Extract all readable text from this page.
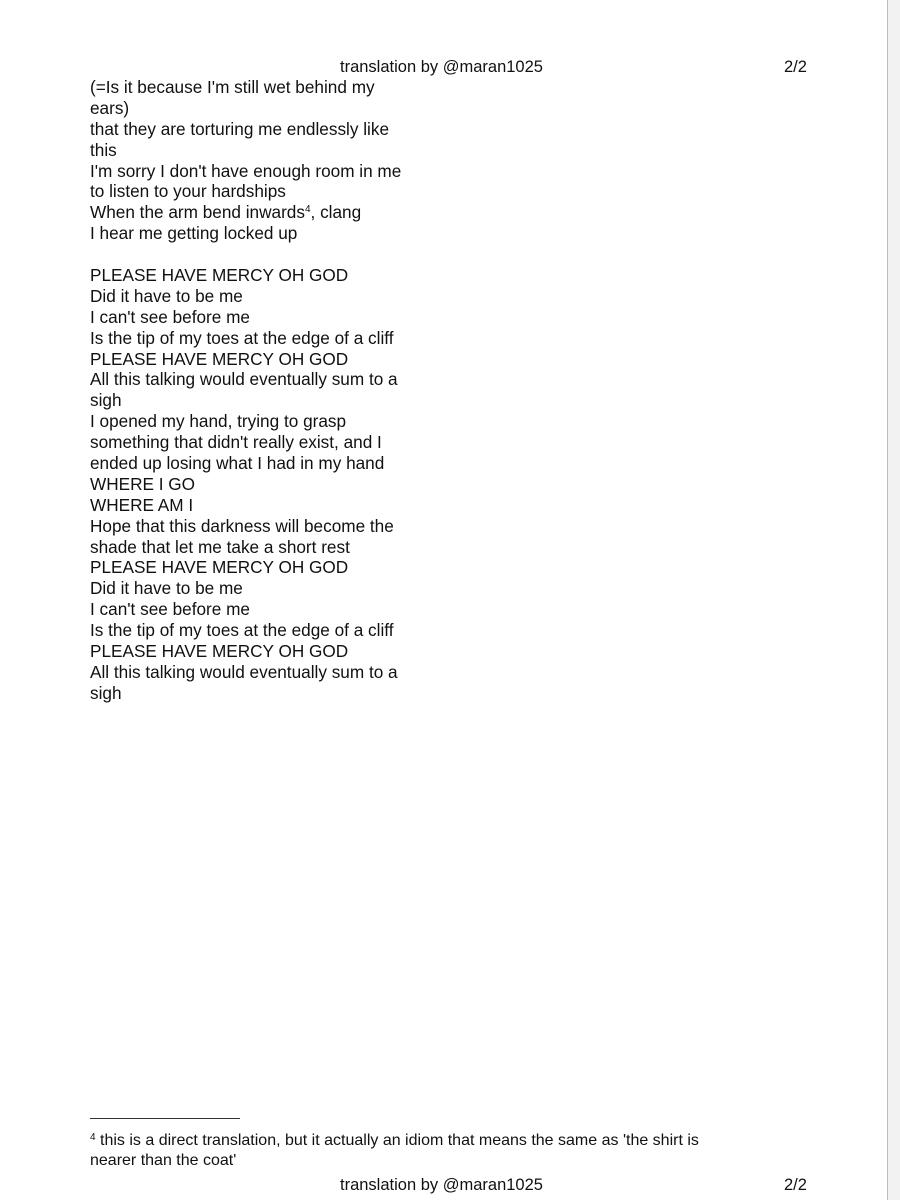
translation by @maran1025	2/2
(=Is it because I'm still wet behind my
ears)
that they are torturing me endlessly like
this
I'm sorry I don't have enough room in me
to listen to your hardships
When the arm bend inwards$^4$, clang
I hear me getting locked up
PLEASE HAVE MERCY OH GOD
Did it have to be me
I can't see before me
Is the tip of my toes at the edge of a cliff
PLEASE HAVE MERCY OH GOD
All this talking would eventually sum to a
sigh
I opened my hand, trying to grasp
something that didn't really exist, and I
ended up losing what I had in my hand
WHERE I GO
WHERE AM I
Hope that this darkness will become the
shade that let me take a short rest
PLEASE HAVE MERCY OH GOD
Did it have to be me
I can't see before me
Is the tip of my toes at the edge of a cliff
PLEASE HAVE MERCY OH GOD
All this talking would eventually sum to a
sigh
$^4$ this is a direct translation, but it actually an idiom that means the same as 'the shirt is
nearer than the coat'
translation by @maran1025	2/2
